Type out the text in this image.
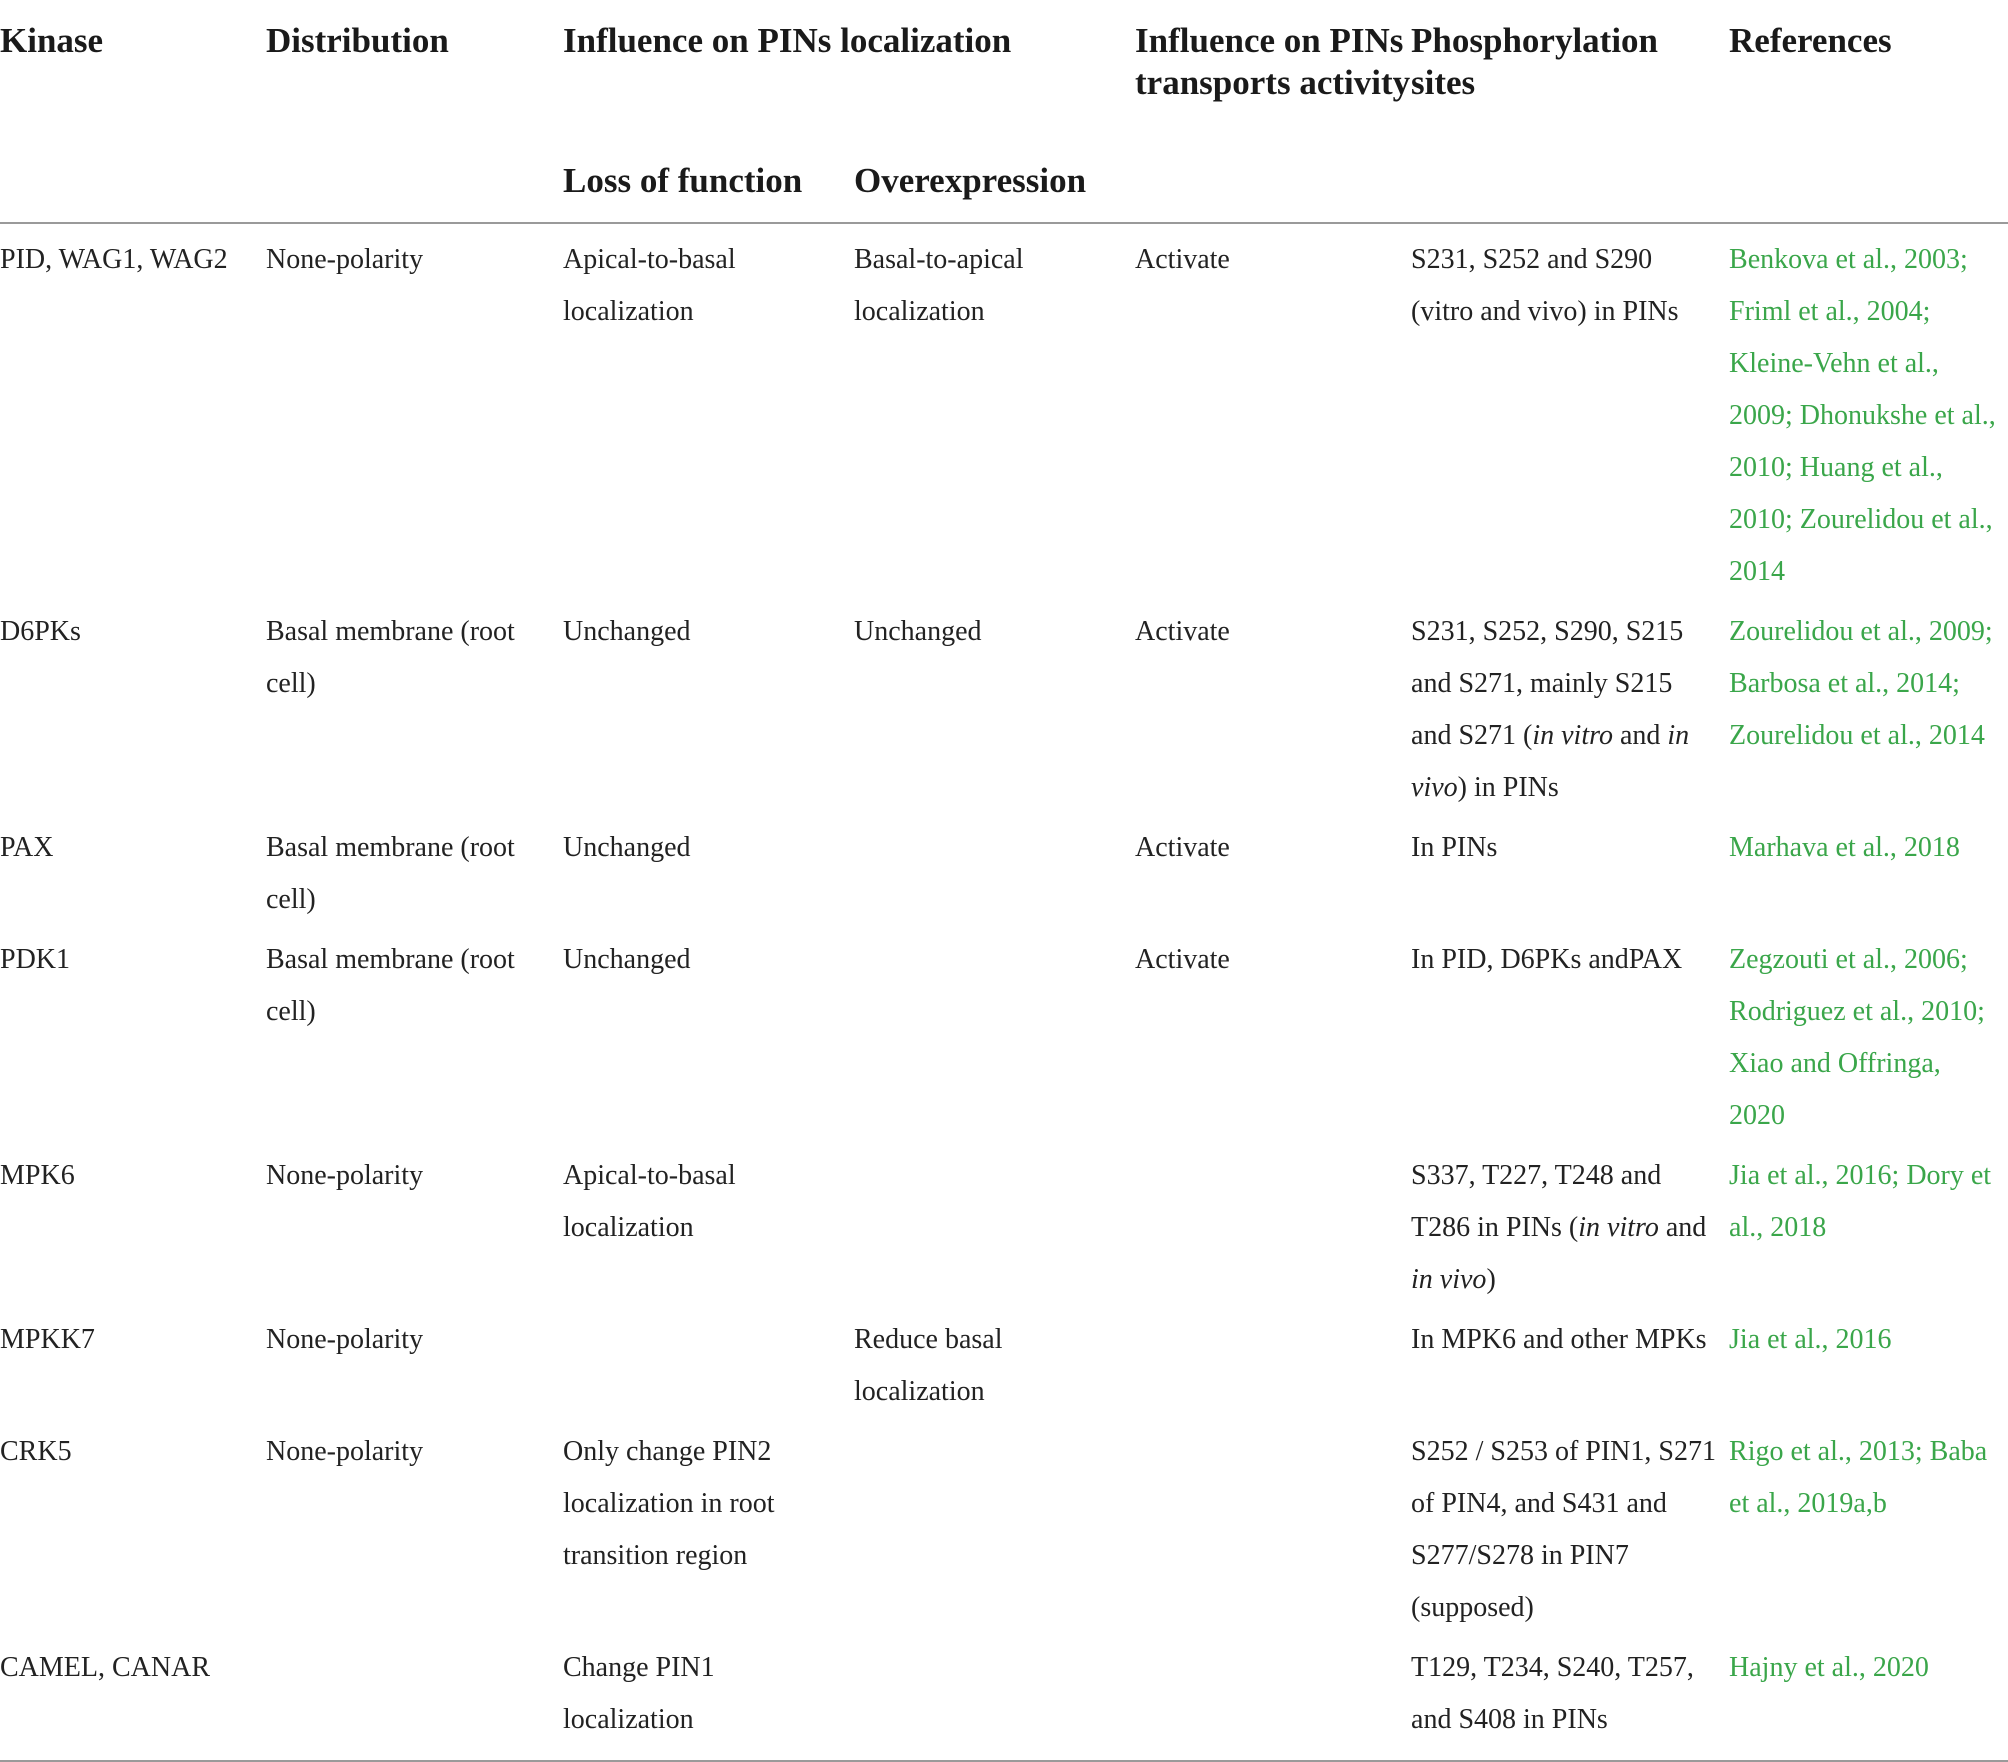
Kinase	Distribution	Influence on PINs localization		Influence on PINs transports activity	Phosphorylation sites	References
		Loss of function	Overexpression			
PID, WAG1, WAG2	None-polarity	Apical-to-basal localization	Basal-to-apical localization	Activate	S231, S252 and S290 (vitro and vivo) in PINs	Benkova et al., 2003; Friml et al., 2004; Kleine-Vehn et al., 2009; Dhonukshe et al., 2010; Huang et al., 2010; Zourelidou et al., 2014
D6PKs	Basal membrane (root cell)	Unchanged	Unchanged	Activate	S231, S252, S290, S215 and S271, mainly S215 and S271 (in vitro and in vivo) in PINs	Zourelidou et al., 2009; Barbosa et al., 2014; Zourelidou et al., 2014
PAX	Basal membrane (root cell)	Unchanged		Activate	In PINs	Marhava et al., 2018
PDK1	Basal membrane (root cell)	Unchanged		Activate	In PID, D6PKs andPAX	Zegzouti et al., 2006; Rodriguez et al., 2010; Xiao and Offringa, 2020
MPK6	None-polarity	Apical-to-basal localization			S337, T227, T248 and T286 in PINs (in vitro and in vivo)	Jia et al., 2016; Dory et al., 2018
MPKK7	None-polarity		Reduce basal localization		In MPK6 and other MPKs	Jia et al., 2016
CRK5	None-polarity	Only change PIN2 localization in root transition region			S252 / S253 of PIN1, S271 of PIN4, and S431 and S277/S278 in PIN7 (supposed)	Rigo et al., 2013; Baba et al., 2019a,b
CAMEL, CANAR		Change PIN1 localization			T129, T234, S240, T257, and S408 in PINs	Hajny et al., 2020
